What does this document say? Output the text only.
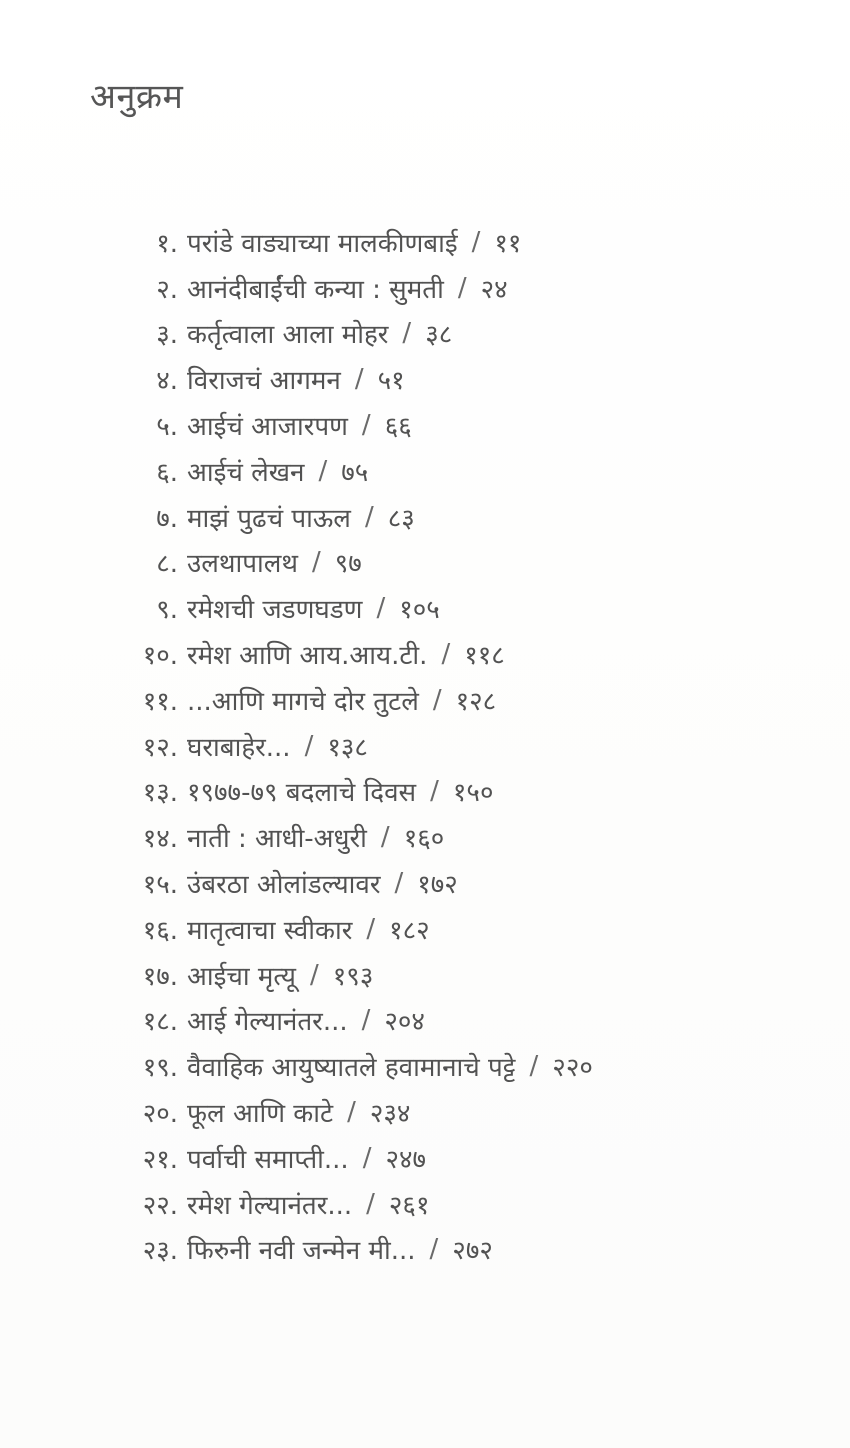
अनुक्रम
१. परांडे वाड्याच्या मालकीणबाई / ११
२. आनंदीबाईंची कन्या : सुमती / २४
३. कर्तृत्वाला आला मोहर / ३८
४. विराजचं आगमन / ५१
५. आईचं आजारपण / ६६
६. आईचं लेखन / ७५
७. माझं पुढचं पाऊल / ८३
८. उलथापालथ / ९७
९. रमेशची जडणघडण / १०५
१०. रमेश आणि आय.आय.टी. / ११८
११. ...आणि मागचे दोर तुटले / १२८
१२. घराबाहेर... / १३८
१३. १९७७-७९ बदलाचे दिवस / १५०
१४. नाती : आधी-अधुरी / १६०
१५. उंबरठा ओलांडल्यावर / १७२
१६. मातृत्वाचा स्वीकार / १८२
१७. आईचा मृत्यू / १९३
१८. आई गेल्यानंतर... / २०४
१९. वैवाहिक आयुष्यातले हवामानाचे पट्टे / २२०
२०. फूल आणि काटे / २३४
२१. पर्वाची समाप्ती... / २४७
२२. रमेश गेल्यानंतर... / २६१
२३. फिरुनी नवी जन्मेन मी... / २७२
